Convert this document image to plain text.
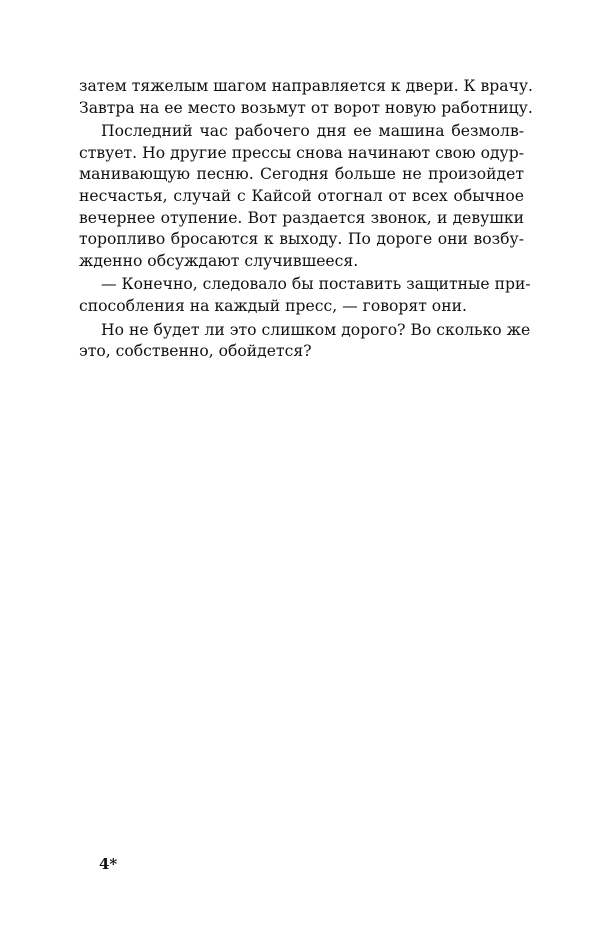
затем тяжелым шагом направляется к двери. К врачу.
Завтра на ее место возьмут от ворот новую работницу.
Последний час рабочего дня ее машина безмолв-
ствует. Но другие прессы снова начинают свою одур-
манивающую песню. Сегодня больше не произойдет
несчастья, случай с Кайсой отогнал от всех обычное
вечернее отупение. Вот раздается звонок, и девушки
торопливо бросаются к выходу. По дороге они возбу-
жденно обсуждают случившееся.
— Конечно, следовало бы поставить защитные при-
способления на каждый пресс, — говорят они.
Но не будет ли это слишком дорого? Во сколько же
это, собственно, обойдется?
4*
